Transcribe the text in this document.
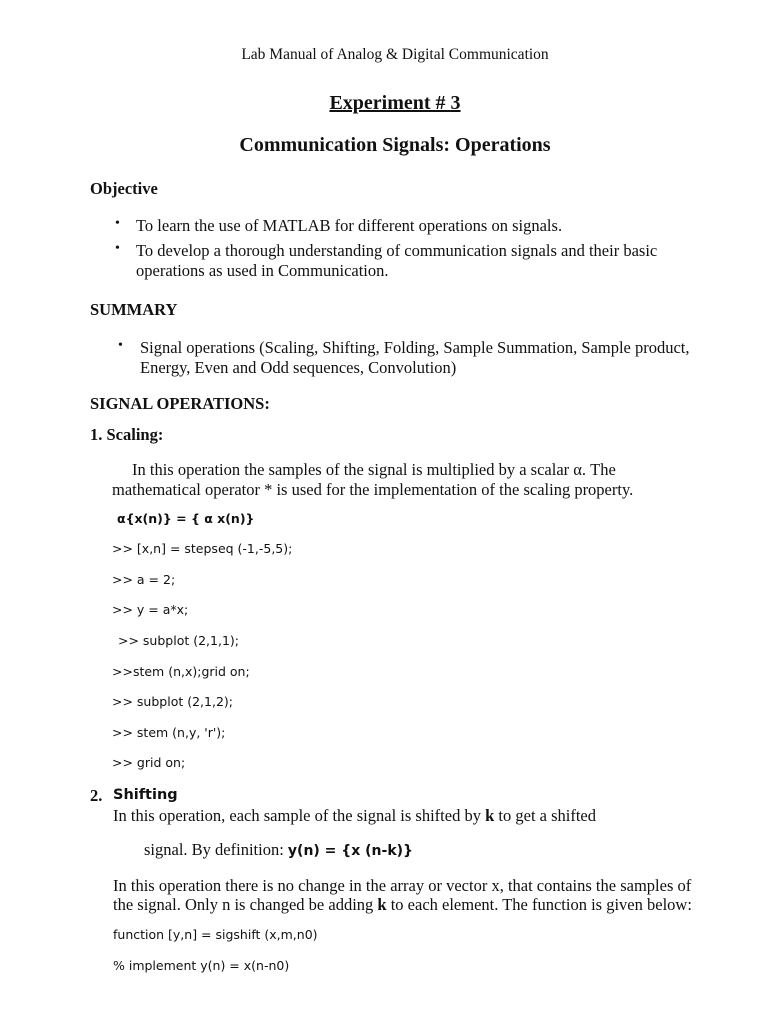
Lab Manual of Analog & Digital Communication
Experiment # 3
Communication Signals: Operations
Objective
• To learn the use of MATLAB for different operations on signals.
• To develop a thorough understanding of communication signals and their basic
operations as used in Communication.
SUMMARY
• Signal operations (Scaling, Shifting, Folding, Sample Summation, Sample product,
Energy, Even and Odd sequences, Convolution)
SIGNAL OPERATIONS:
1. Scaling:
In this operation the samples of the signal is multiplied by a scalar α. The
mathematical operator * is used for the implementation of the scaling property.
α{x(n)} = { α x(n)}
>> [x,n] = stepseq (-1,-5,5);
>> a = 2;
>> y = a*x;
>> subplot (2,1,1);
>>stem (n,x);grid on;
>> subplot (2,1,2);
>> stem (n,y, 'r');
>> grid on;
2. Shifting
In this operation, each sample of the signal is shifted by k to get a shifted
signal. By definition: y(n) = {x (n-k)}
In this operation there is no change in the array or vector x, that contains the samples of
the signal. Only n is changed be adding k to each element. The function is given below:
function [y,n] = sigshift (x,m,n0)
% implement y(n) = x(n-n0)
